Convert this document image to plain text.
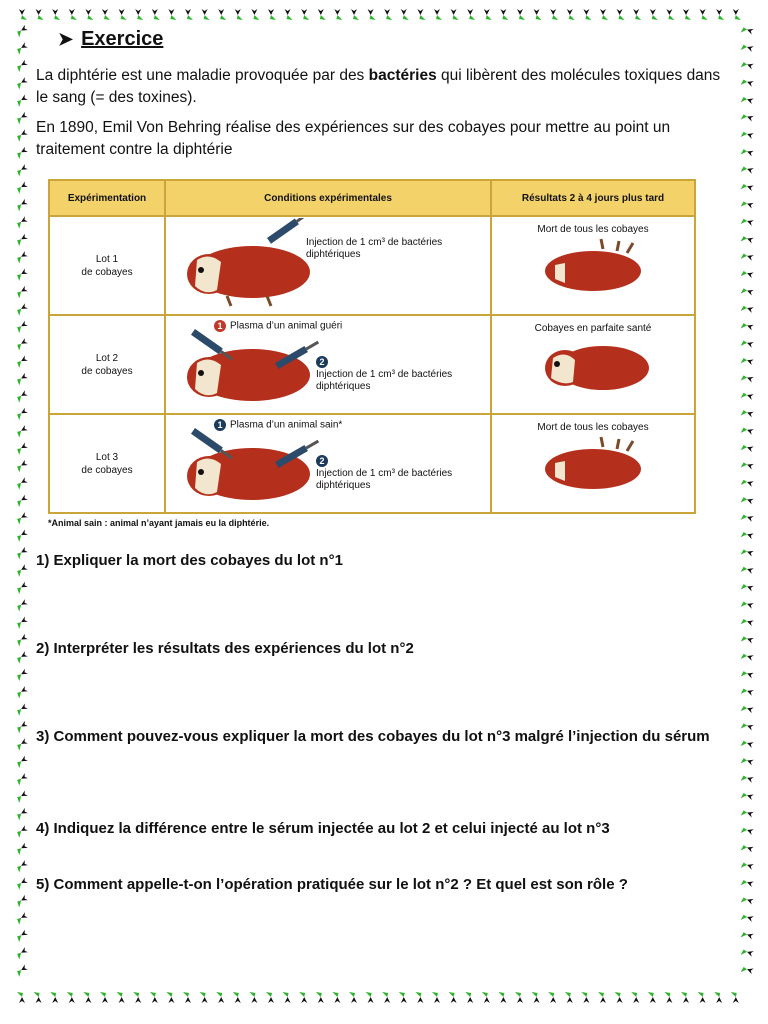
➤ Exercice

La diphtérie est une maladie provoquée par des bactéries qui libèrent des molécules toxiques dans le sang (= des toxines).

En 1890, Emil Von Behring réalise des expériences sur des cobayes pour mettre au point un traitement contre la diphtérie

Expérimentation	Conditions expérimentales	Résultats 2 à 4 jours plus tard
Lot 1
de cobayes	Injection de 1 cm³ de bactéries diphtériques	Mort de tous les cobayes

Lot 2
de cobayes	1 Plasma d’un animal guéri
2
Injection de 1 cm³ de bactéries diphtériques	Cobayes en parfaite santé

Lot 3
de cobayes	1 Plasma d’un animal sain*
2
Injection de 1 cm³ de bactéries diphtériques	Mort de tous les cobayes
*Animal sain : animal n’ayant jamais eu la diphtérie.

1) Expliquer la mort des cobayes du lot n°1

2) Interpréter les résultats des expériences du lot n°2

3) Comment pouvez-vous expliquer la mort des cobayes du lot n°3 malgré l’injection du sérum

4) Indiquez la différence entre le sérum injectée au lot 2 et celui injecté au lot n°3

5) Comment appelle-t-on l’opération pratiquée sur le lot n°2 ? Et quel est son rôle ?
